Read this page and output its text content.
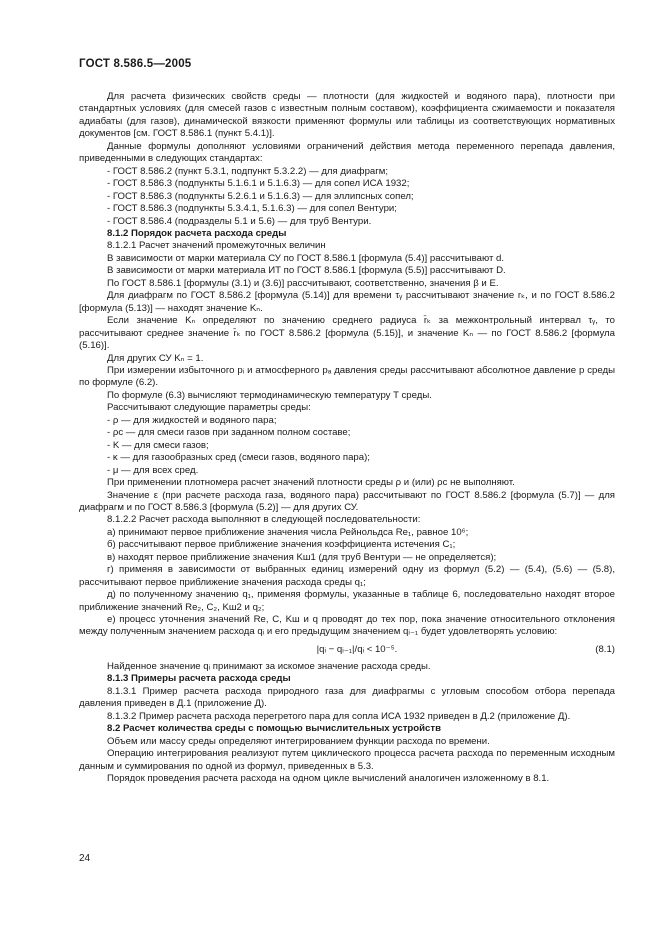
ГОСТ 8.586.5—2005

Для расчета физических свойств среды — плотности (для жидкостей и водяного пара), плотности при стандартных условиях (для смесей газов с известным полным составом), коэффициента сжимаемости и показателя адиабаты (для газов), динамической вязкости применяют формулы или таблицы из соответствующих нормативных документов [см. ГОСТ 8.586.1 (пункт 5.4.1)].

Данные формулы дополняют условиями ограничений действия метода переменного перепада давления, приведенными в следующих стандартах:

- ГОСТ 8.586.2 (пункт 5.3.1, подпункт 5.3.2.2) — для диафрагм;

- ГОСТ 8.586.3 (подпункты 5.1.6.1 и 5.1.6.3) — для сопел ИСА 1932;

- ГОСТ 8.586.3 (подпункты 5.2.6.1 и 5.1.6.3) — для эллипсных сопел;

- ГОСТ 8.586.3 (подпункты 5.3.4.1, 5.1.6.3) — для сопел Вентури;

- ГОСТ 8.586.4 (подразделы 5.1 и 5.6) — для труб Вентури.

8.1.2 Порядок расчета расхода среды

8.1.2.1 Расчет значений промежуточных величин

В зависимости от марки материала СУ по ГОСТ 8.586.1 [формула (5.4)] рассчитывают d.

В зависимости от марки материала ИТ по ГОСТ 8.586.1 [формула (5.5)] рассчитывают D.

По ГОСТ 8.586.1 [формулы (3.1) и (3.6)] рассчитывают, соответственно, значения β и E.

Для диафрагм по ГОСТ 8.586.2 [формула (5.14)] для времени τᵧ рассчитывают значение rₖ, и по ГОСТ 8.586.2 [формула (5.13)] — находят значение Kₙ.

Если значение Kₙ определяют по значению среднего радиуса r̄ₖ за межконтрольный интервал τᵧ, то рассчитывают среднее значение r̄ₖ по ГОСТ 8.586.2 [формула (5.15)], и значение Kₙ — по ГОСТ 8.586.2 [формула (5.16)].

Для других СУ Kₙ = 1.

При измерении избыточного pᵢ и атмосферного pₐ давления среды рассчитывают абсолютное давление p среды по формуле (6.2).

По формуле (6.3) вычисляют термодинамическую температуру T среды.

Рассчитывают следующие параметры среды:

- ρ — для жидкостей и водяного пара;

- ρс — для смеси газов при заданном полном составе;

- K — для смеси газов;

- κ — для газообразных сред (смеси газов, водяного пара);

- μ — для всех сред.

При применении плотномера расчет значений плотности среды ρ и (или) ρс не выполняют.

Значение ε (при расчете расхода газа, водяного пара) рассчитывают по ГОСТ 8.586.2 [формула (5.7)] — для диафрагм и по ГОСТ 8.586.3 [формула (5.2)] — для других СУ.

8.1.2.2 Расчет расхода выполняют в следующей последовательности:

а) принимают первое приближение значения числа Рейнольдса Re₁, равное 10⁶;

б) рассчитывают первое приближение значения коэффициента истечения C₁;

в) находят первое приближение значения Kш1 (для труб Вентури — не определяется);

г) применяя в зависимости от выбранных единиц измерений одну из формул (5.2) — (5.4), (5.6) — (5.8), рассчитывают первое приближение значения расхода среды q₁;

д) по полученному значению q₁, применяя формулы, указанные в таблице 6, последовательно находят второе приближение значений Re₂, C₂, Kш2 и q₂;

е) процесс уточнения значений Re, C, Kш и q проводят до тех пор, пока значение относительного отклонения между полученным значением расхода qᵢ и его предыдущим значением qᵢ₋₁ будет удовлетворять условию:

|qᵢ − qᵢ₋₁|/qᵢ < 10⁻⁵.	(8.1)

Найденное значение qᵢ принимают за искомое значение расхода среды.

8.1.3 Примеры расчета расхода среды

8.1.3.1 Пример расчета расхода природного газа для диафрагмы с угловым способом отбора перепада давления приведен в Д.1 (приложение Д).

8.1.3.2 Пример расчета расхода перегретого пара для сопла ИСА 1932 приведен в Д.2 (приложение Д).

8.2 Расчет количества среды с помощью вычислительных устройств

Объем или массу среды определяют интегрированием функции расхода по времени.

Операцию интегрирования реализуют путем циклического процесса расчета расхода по переменным исходным данным и суммирования по одной из формул, приведенных в 5.3.

Порядок проведения расчета расхода на одном цикле вычислений аналогичен изложенному в 8.1.

24
